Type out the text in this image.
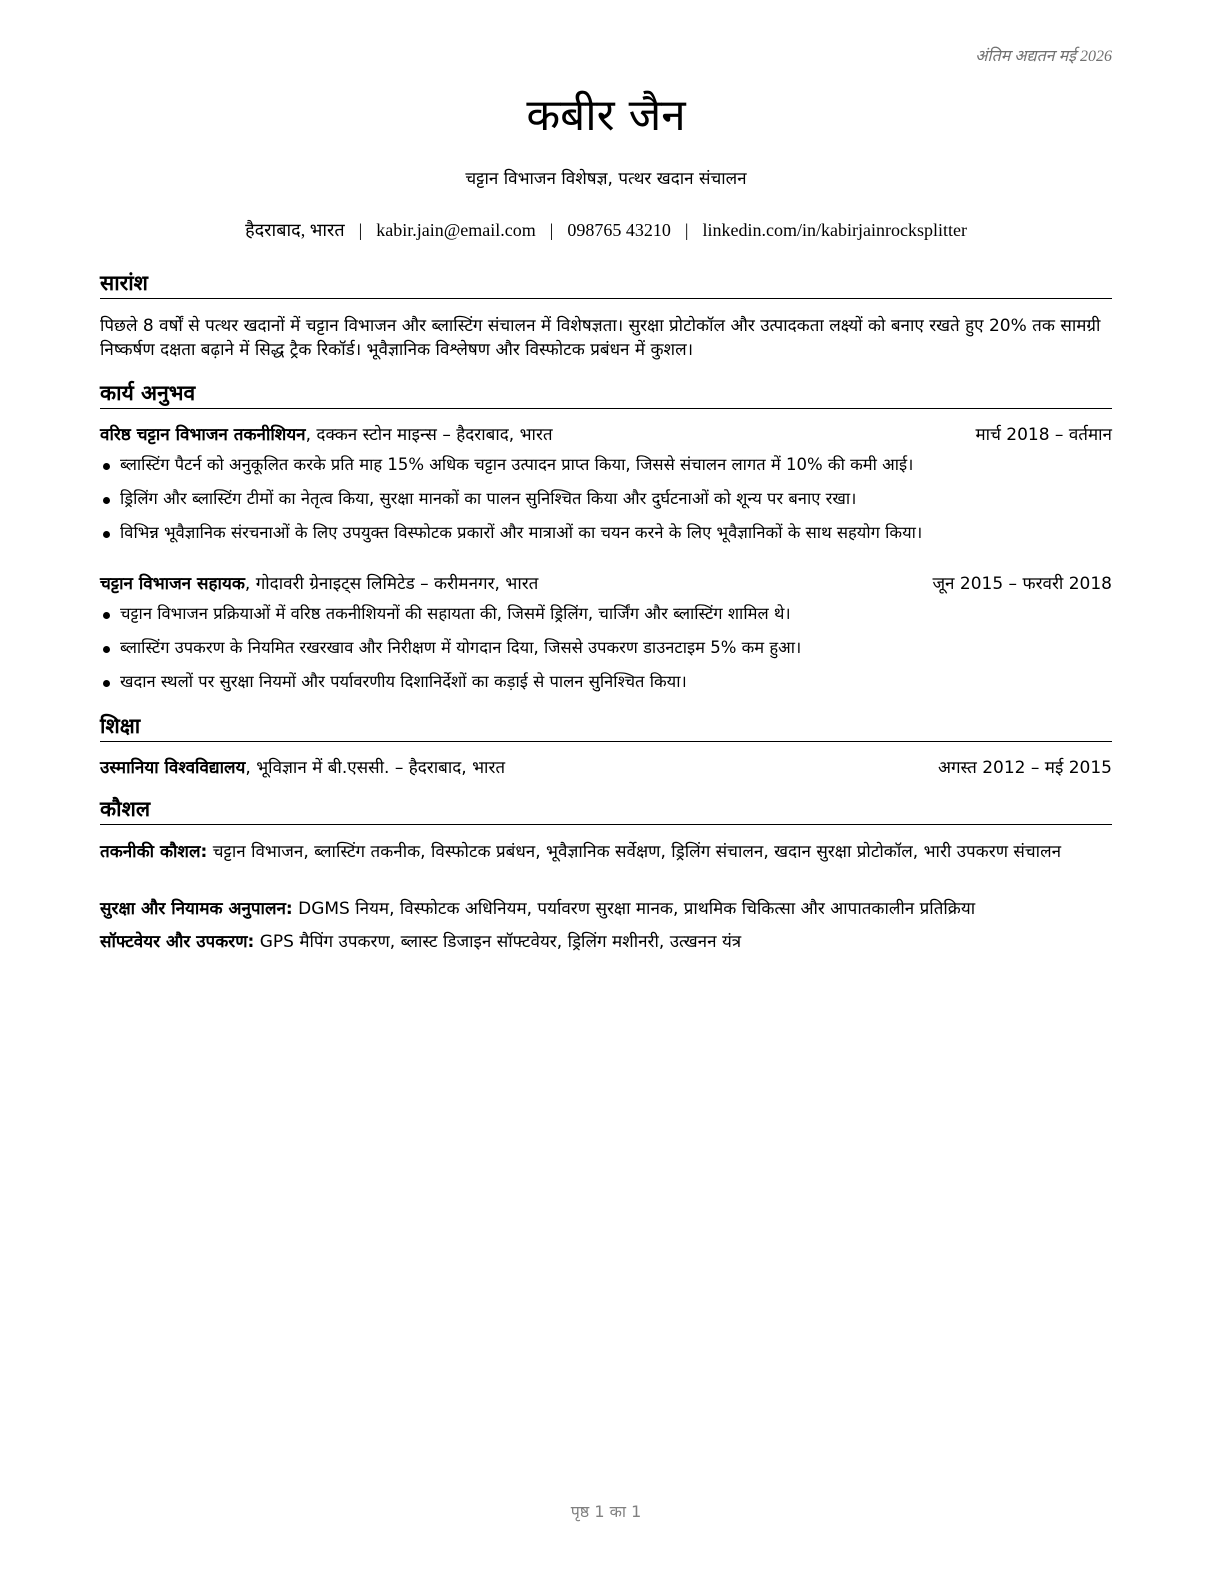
अंतिम अद्यतन मई 2026
कबीर जैन
चट्टान विभाजन विशेषज्ञ, पत्थर खदान संचालन
हैदराबाद, भारत | kabir.jain@email.com | 098765 43210 | linkedin.com/in/kabirjainrocksplitter
सारांश
पिछले 8 वर्षों से पत्थर खदानों में चट्टान विभाजन और ब्लास्टिंग संचालन में विशेषज्ञता। सुरक्षा प्रोटोकॉल और उत्पादकता लक्ष्यों को बनाए रखते हुए 20% तक सामग्री निष्कर्षण दक्षता बढ़ाने में सिद्ध ट्रैक रिकॉर्ड। भूवैज्ञानिक विश्लेषण और विस्फोटक प्रबंधन में कुशल।
कार्य अनुभव
वरिष्ठ चट्टान विभाजन तकनीशियन, दक्कन स्टोन माइन्स – हैदराबाद, भारत	मार्च 2018 – वर्तमान
ब्लास्टिंग पैटर्न को अनुकूलित करके प्रति माह 15% अधिक चट्टान उत्पादन प्राप्त किया, जिससे संचालन लागत में 10% की कमी आई।
ड्रिलिंग और ब्लास्टिंग टीमों का नेतृत्व किया, सुरक्षा मानकों का पालन सुनिश्चित किया और दुर्घटनाओं को शून्य पर बनाए रखा।
विभिन्न भूवैज्ञानिक संरचनाओं के लिए उपयुक्त विस्फोटक प्रकारों और मात्राओं का चयन करने के लिए भूवैज्ञानिकों के साथ सहयोग किया।
चट्टान विभाजन सहायक, गोदावरी ग्रेनाइट्स लिमिटेड – करीमनगर, भारत	जून 2015 – फरवरी 2018
चट्टान विभाजन प्रक्रियाओं में वरिष्ठ तकनीशियनों की सहायता की, जिसमें ड्रिलिंग, चार्जिंग और ब्लास्टिंग शामिल थे।
ब्लास्टिंग उपकरण के नियमित रखरखाव और निरीक्षण में योगदान दिया, जिससे उपकरण डाउनटाइम 5% कम हुआ।
खदान स्थलों पर सुरक्षा नियमों और पर्यावरणीय दिशानिर्देशों का कड़ाई से पालन सुनिश्चित किया।
शिक्षा
उस्मानिया विश्वविद्यालय, भूविज्ञान में बी.एससी. – हैदराबाद, भारत	अगस्त 2012 – मई 2015
कौशल
तकनीकी कौशल: चट्टान विभाजन, ब्लास्टिंग तकनीक, विस्फोटक प्रबंधन, भूवैज्ञानिक सर्वेक्षण, ड्रिलिंग संचालन, खदान सुरक्षा प्रोटोकॉल, भारी उपकरण संचालन
सुरक्षा और नियामक अनुपालन: DGMS नियम, विस्फोटक अधिनियम, पर्यावरण सुरक्षा मानक, प्राथमिक चिकित्सा और आपातकालीन प्रतिक्रिया
सॉफ्टवेयर और उपकरण: GPS मैपिंग उपकरण, ब्लास्ट डिजाइन सॉफ्टवेयर, ड्रिलिंग मशीनरी, उत्खनन यंत्र
पृष्ठ 1 का 1
